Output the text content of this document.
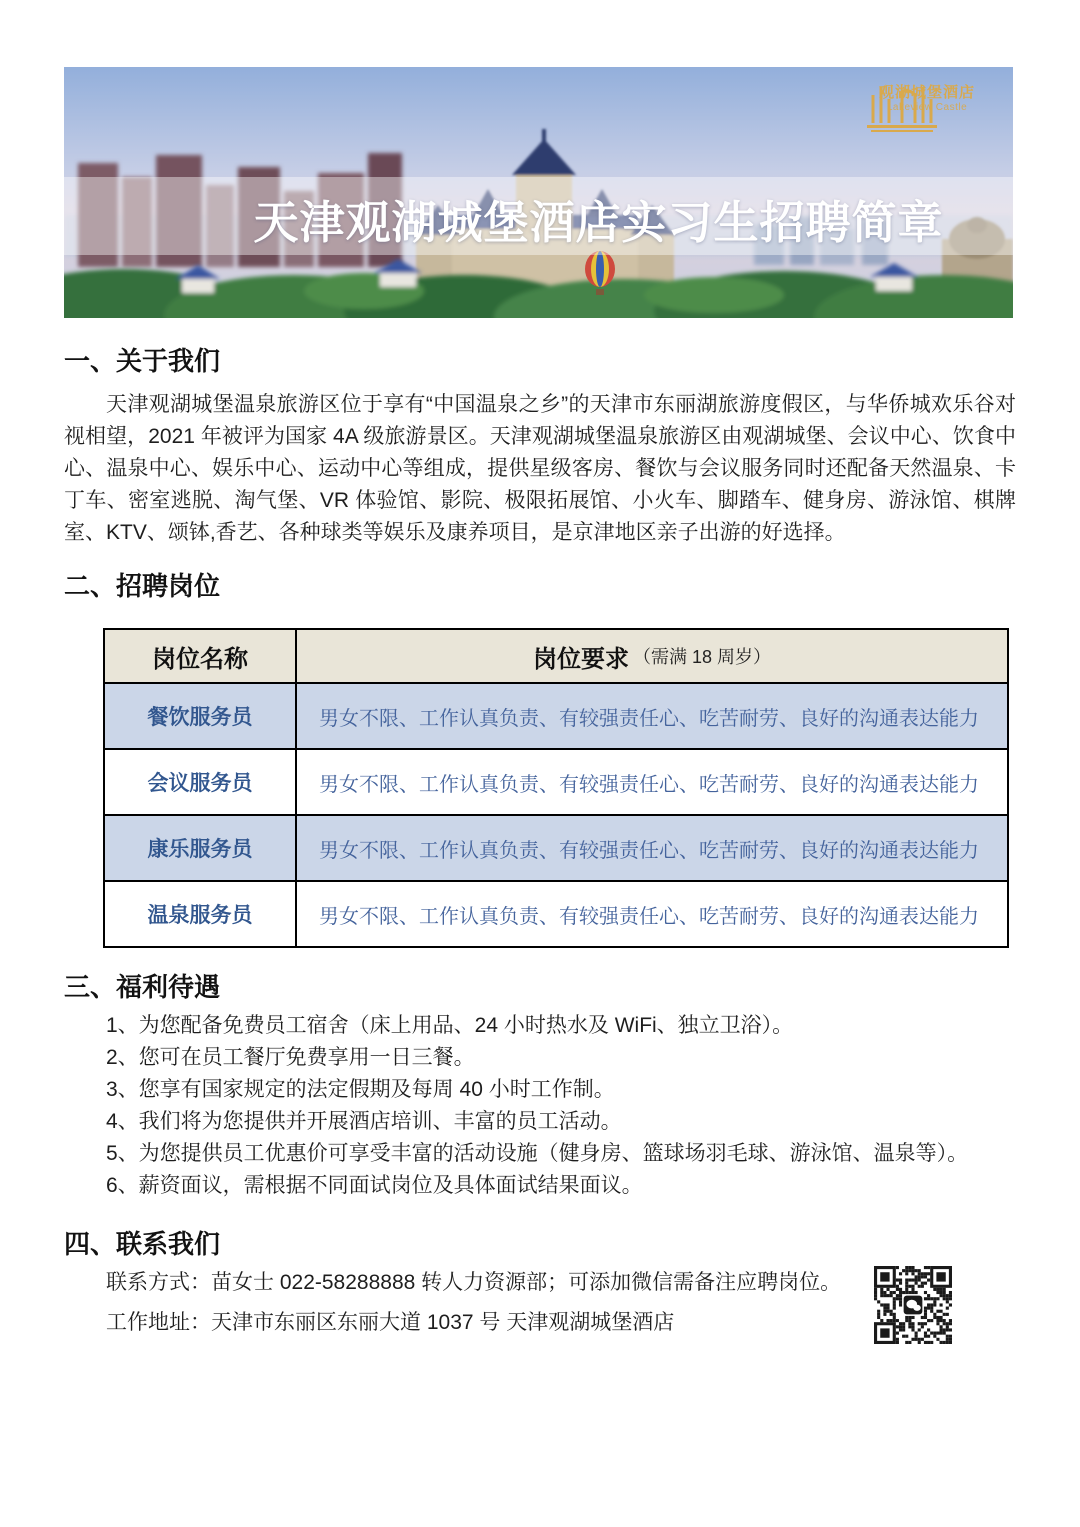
天津观湖城堡酒店实习生招聘简章
观湖城堡酒店
Lakeview Castle
一、关于我们
天津观湖城堡温泉旅游区位于享有“中国温泉之乡”的天津市东丽湖旅游度假区，与华侨城欢乐谷对视相望，2021 年被评为国家 4A 级旅游景区。天津观湖城堡温泉旅游区由观湖城堡、会议中心、饮食中心、温泉中心、娱乐中心、运动中心等组成，提供星级客房、餐饮与会议服务同时还配备天然温泉、卡丁车、密室逃脱、淘气堡、VR 体验馆、影院、极限拓展馆、小火车、脚踏车、健身房、游泳馆、棋牌室、KTV、颂钵,香艺、各种球类等娱乐及康养项目，是京津地区亲子出游的好选择。
二、招聘岗位
岗位名称	岗位要求 （需满 18 周岁）
餐饮服务员	男女不限、工作认真负责、有较强责任心、吃苦耐劳、良好的沟通表达能力
会议服务员	男女不限、工作认真负责、有较强责任心、吃苦耐劳、良好的沟通表达能力
康乐服务员	男女不限、工作认真负责、有较强责任心、吃苦耐劳、良好的沟通表达能力
温泉服务员	男女不限、工作认真负责、有较强责任心、吃苦耐劳、良好的沟通表达能力
三、福利待遇
1、为您配备免费员工宿舍（床上用品、24 小时热水及 WiFi、独立卫浴）。
2、您可在员工餐厅免费享用一日三餐。
3、您享有国家规定的法定假期及每周 40 小时工作制。
4、我们将为您提供并开展酒店培训、丰富的员工活动。
5、为您提供员工优惠价可享受丰富的活动设施（健身房、篮球场羽毛球、游泳馆、温泉等）。
6、薪资面议，需根据不同面试岗位及具体面试结果面议。
四、联系我们
联系方式：苗女士 022-58288888 转人力资源部；可添加微信需备注应聘岗位。
工作地址：天津市东丽区东丽大道 1037 号 天津观湖城堡酒店
